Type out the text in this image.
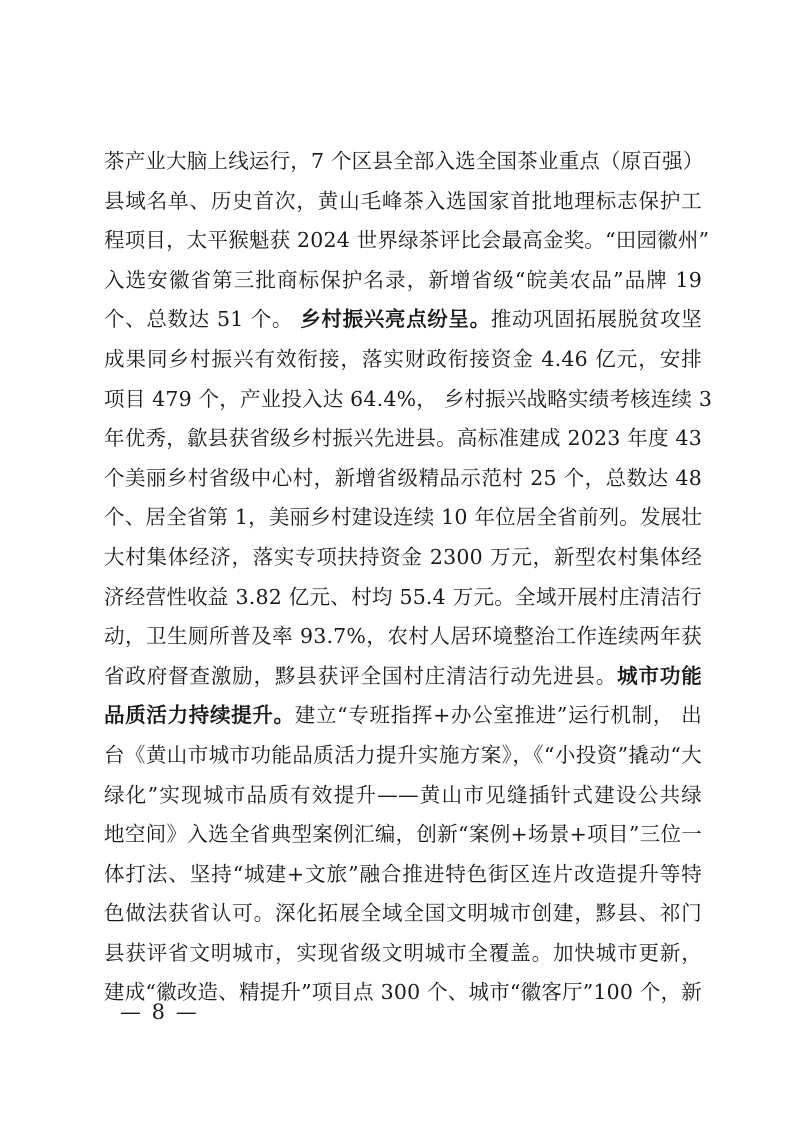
茶产业大脑上线运行，7 个区县全部入选全国茶业重点（原百强）
县域名单、历史首次，黄山毛峰茶入选国家首批地理标志保护工
程项目，太平猴魁获 2024 世界绿茶评比会最高金奖。“田园徽州”
入选安徽省第三批商标保护名录，新增省级“皖美农品”品牌 19
个、总数达 51 个。 乡村振兴亮点纷呈。推动巩固拓展脱贫攻坚
成果同乡村振兴有效衔接，落实财政衔接资金 4.46 亿元，安排
项目 479 个，产业投入达 64.4%， 乡村振兴战略实绩考核连续 3
年优秀，歙县获省级乡村振兴先进县。高标准建成 2023 年度 43
个美丽乡村省级中心村，新增省级精品示范村 25 个，总数达 48
个、居全省第 1，美丽乡村建设连续 10 年位居全省前列。发展壮
大村集体经济，落实专项扶持资金 2300 万元，新型农村集体经
济经营性收益 3.82 亿元、村均 55.4 万元。全域开展村庄清洁行
动，卫生厕所普及率 93.7%，农村人居环境整治工作连续两年获
省政府督查激励，黟县获评全国村庄清洁行动先进县。城市功能
品质活力持续提升。建立“专班指挥+办公室推进”运行机制， 出
台《黄山市城市功能品质活力提升实施方案》，《“小投资”撬动“大
绿化”实现城市品质有效提升——黄山市见缝插针式建设公共绿
地空间》入选全省典型案例汇编，创新“案例+场景+项目”三位一
体打法、坚持“城建+文旅”融合推进特色街区连片改造提升等特
色做法获省认可。深化拓展全域全国文明城市创建，黟县、祁门
县获评省文明城市，实现省级文明城市全覆盖。加快城市更新，
建成“徽改造、精提升”项目点 300 个、城市“徽客厅”100 个，新
— 8 —
